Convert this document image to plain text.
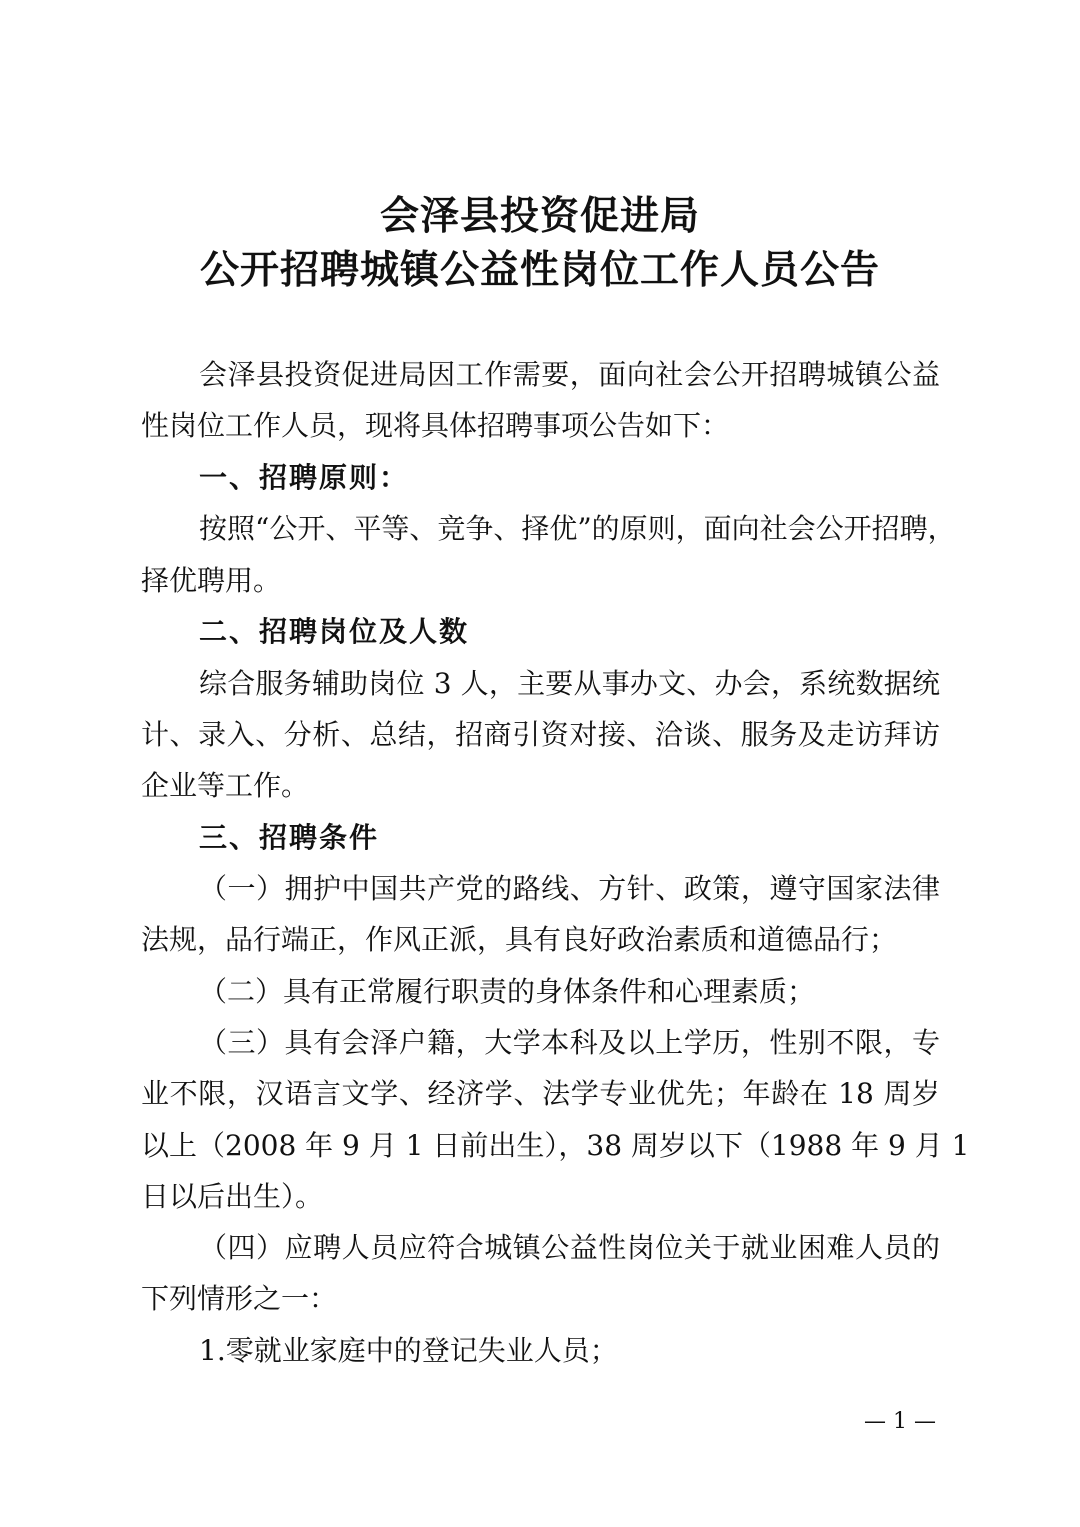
会泽县投资促进局
公开招聘城镇公益性岗位工作人员公告
会泽县投资促进局因工作需要，面向社会公开招聘城镇公益
性岗位工作人员，现将具体招聘事项公告如下：
一、招聘原则：
按照“公开、平等、竞争、择优”的原则，面向社会公开招聘，
择优聘用。
二、招聘岗位及人数
综合服务辅助岗位 3 人，主要从事办文、办会，系统数据统
计、录入、分析、总结，招商引资对接、洽谈、服务及走访拜访
企业等工作。
三、招聘条件
（一）拥护中国共产党的路线、方针、政策，遵守国家法律
法规，品行端正，作风正派，具有良好政治素质和道德品行；
（二）具有正常履行职责的身体条件和心理素质；
（三）具有会泽户籍，大学本科及以上学历，性别不限，专
业不限，汉语言文学、经济学、法学专业优先；年龄在 18 周岁
以上（2008 年 9 月 1 日前出生），38 周岁以下（1988 年 9 月 1
日以后出生）。
（四）应聘人员应符合城镇公益性岗位关于就业困难人员的
下列情形之一：
1.零就业家庭中的登记失业人员；
— 1 —
